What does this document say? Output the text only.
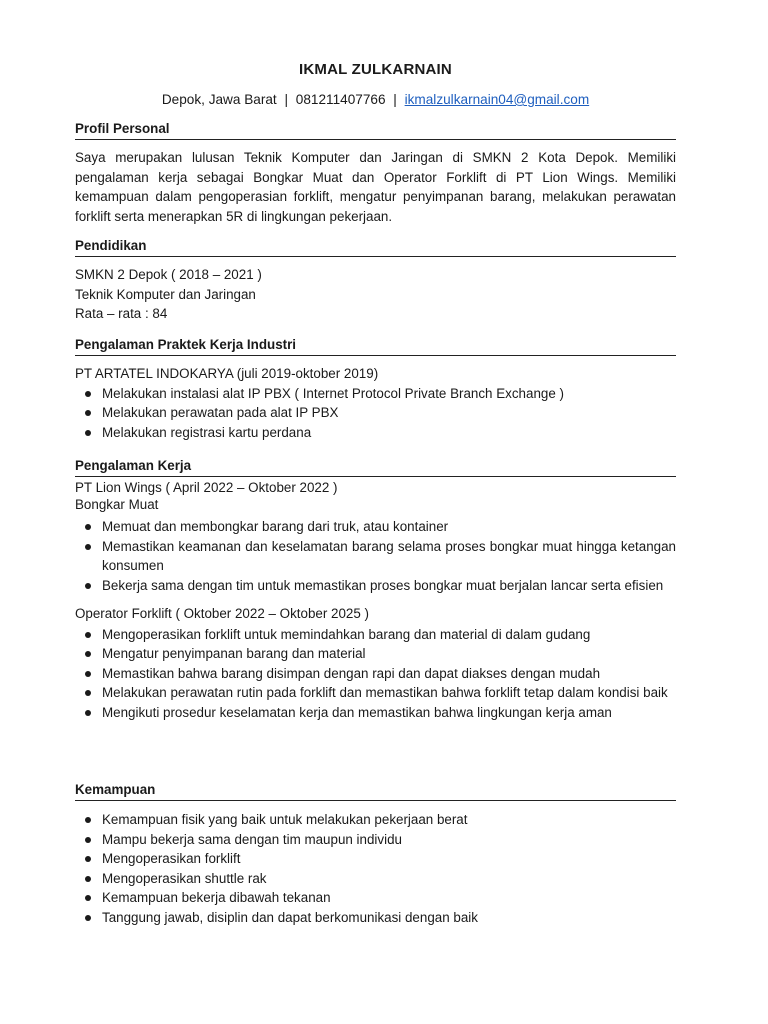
IKMAL ZULKARNAIN
Depok, Jawa Barat | 081211407766 | ikmalzulkarnain04@gmail.com
Profil Personal
Saya merupakan lulusan Teknik Komputer dan Jaringan di SMKN 2 Kota Depok. Memiliki pengalaman kerja sebagai Bongkar Muat dan Operator Forklift di PT Lion Wings. Memiliki kemampuan dalam pengoperasian forklift, mengatur penyimpanan barang, melakukan perawatan forklift serta menerapkan 5R di lingkungan pekerjaan.
Pendidikan
SMKN 2 Depok ( 2018 – 2021 )
Teknik Komputer dan Jaringan
Rata – rata : 84
Pengalaman Praktek Kerja Industri
PT ARTATEL INDOKARYA (juli 2019-oktober 2019)
Melakukan instalasi alat IP PBX ( Internet Protocol Private Branch Exchange )
Melakukan perawatan pada alat IP PBX
Melakukan registrasi kartu perdana
Pengalaman Kerja
PT Lion Wings ( April 2022 – Oktober 2022 )
Bongkar Muat
Memuat dan membongkar barang dari truk, atau kontainer
Memastikan keamanan dan keselamatan barang selama proses bongkar muat hingga ketangan konsumen
Bekerja sama dengan tim untuk memastikan proses bongkar muat berjalan lancar serta efisien
Operator Forklift ( Oktober 2022 – Oktober 2025 )
Mengoperasikan forklift untuk memindahkan barang dan material di dalam gudang
Mengatur penyimpanan barang dan material
Memastikan bahwa barang disimpan dengan rapi dan dapat diakses dengan mudah
Melakukan perawatan rutin pada forklift dan memastikan bahwa forklift tetap dalam kondisi baik
Mengikuti prosedur keselamatan kerja dan memastikan bahwa lingkungan kerja aman
Kemampuan
Kemampuan fisik yang baik untuk melakukan pekerjaan berat
Mampu bekerja sama dengan tim maupun individu
Mengoperasikan forklift
Mengoperasikan shuttle rak
Kemampuan bekerja dibawah tekanan
Tanggung jawab, disiplin dan dapat berkomunikasi dengan baik
